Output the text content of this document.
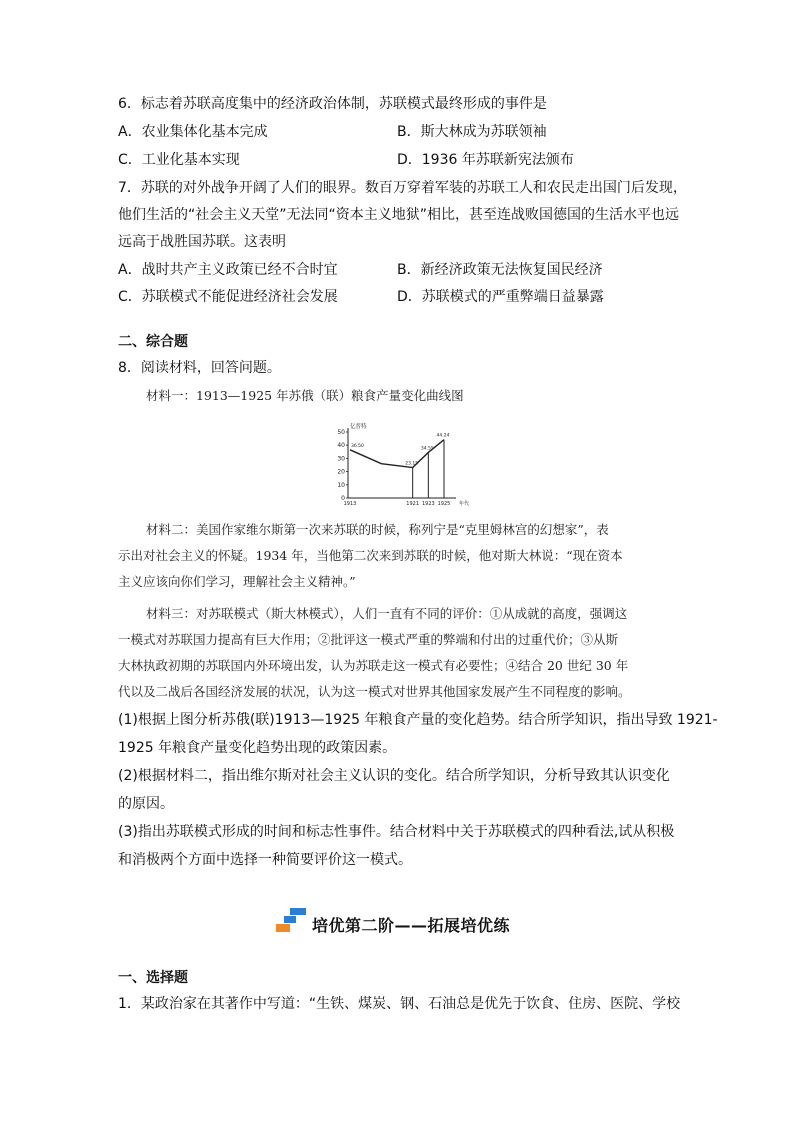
6．标志着苏联高度集中的经济政治体制，苏联模式最终形成的事件是
A．农业集体化基本完成	B．斯大林成为苏联领袖
C．工业化基本实现	D．1936 年苏联新宪法颁布
7．苏联的对外战争开阔了人们的眼界。数百万穿着军装的苏联工人和农民走出国门后发现，
他们生活的“社会主义天堂”无法同“资本主义地狱”相比，甚至连战败国德国的生活水平也远
远高于战胜国苏联。这表明
A．战时共产主义政策已经不合时宜	B．新经济政策无法恢复国民经济
C．苏联模式不能促进经济社会发展	D．苏联模式的严重弊端日益暴露
二、综合题
8．阅读材料，回答问题。
材料一：1913—1925 年苏俄（联）粮食产量变化曲线图
亿普特
0
10
20
30
40
50
1913	1921 1923 1925 年代
36.50
23.15
34.55
44.24
材料二：美国作家维尔斯第一次来苏联的时候，称列宁是“克里姆林宫的幻想家”，表
示出对社会主义的怀疑。1934 年，当他第二次来到苏联的时候，他对斯大林说：“现在资本
主义应该向你们学习，理解社会主义精神。”
材料三：对苏联模式（斯大林模式），人们一直有不同的评价：①从成就的高度，强调这
一模式对苏联国力提高有巨大作用；②批评这一模式严重的弊端和付出的过重代价；③从斯
大林执政初期的苏联国内外环境出发，认为苏联走这一模式有必要性；④结合 20 世纪 30 年
代以及二战后各国经济发展的状况，认为这一模式对世界其他国家发展产生不同程度的影响。
(1)根据上图分析苏俄(联)1913—1925 年粮食产量的变化趋势。结合所学知识，指出导致 1921-
1925 年粮食产量变化趋势出现的政策因素。
(2)根据材料二，指出维尔斯对社会主义认识的变化。结合所学知识，分析导致其认识变化
的原因。
(3)指出苏联模式形成的时间和标志性事件。结合材料中关于苏联模式的四种看法,试从积极
和消极两个方面中选择一种简要评价这一模式。
培优第二阶——拓展培优练
一、选择题
1．某政治家在其著作中写道：“生铁、煤炭、钢、石油总是优先于饮食、住房、医院、学校
